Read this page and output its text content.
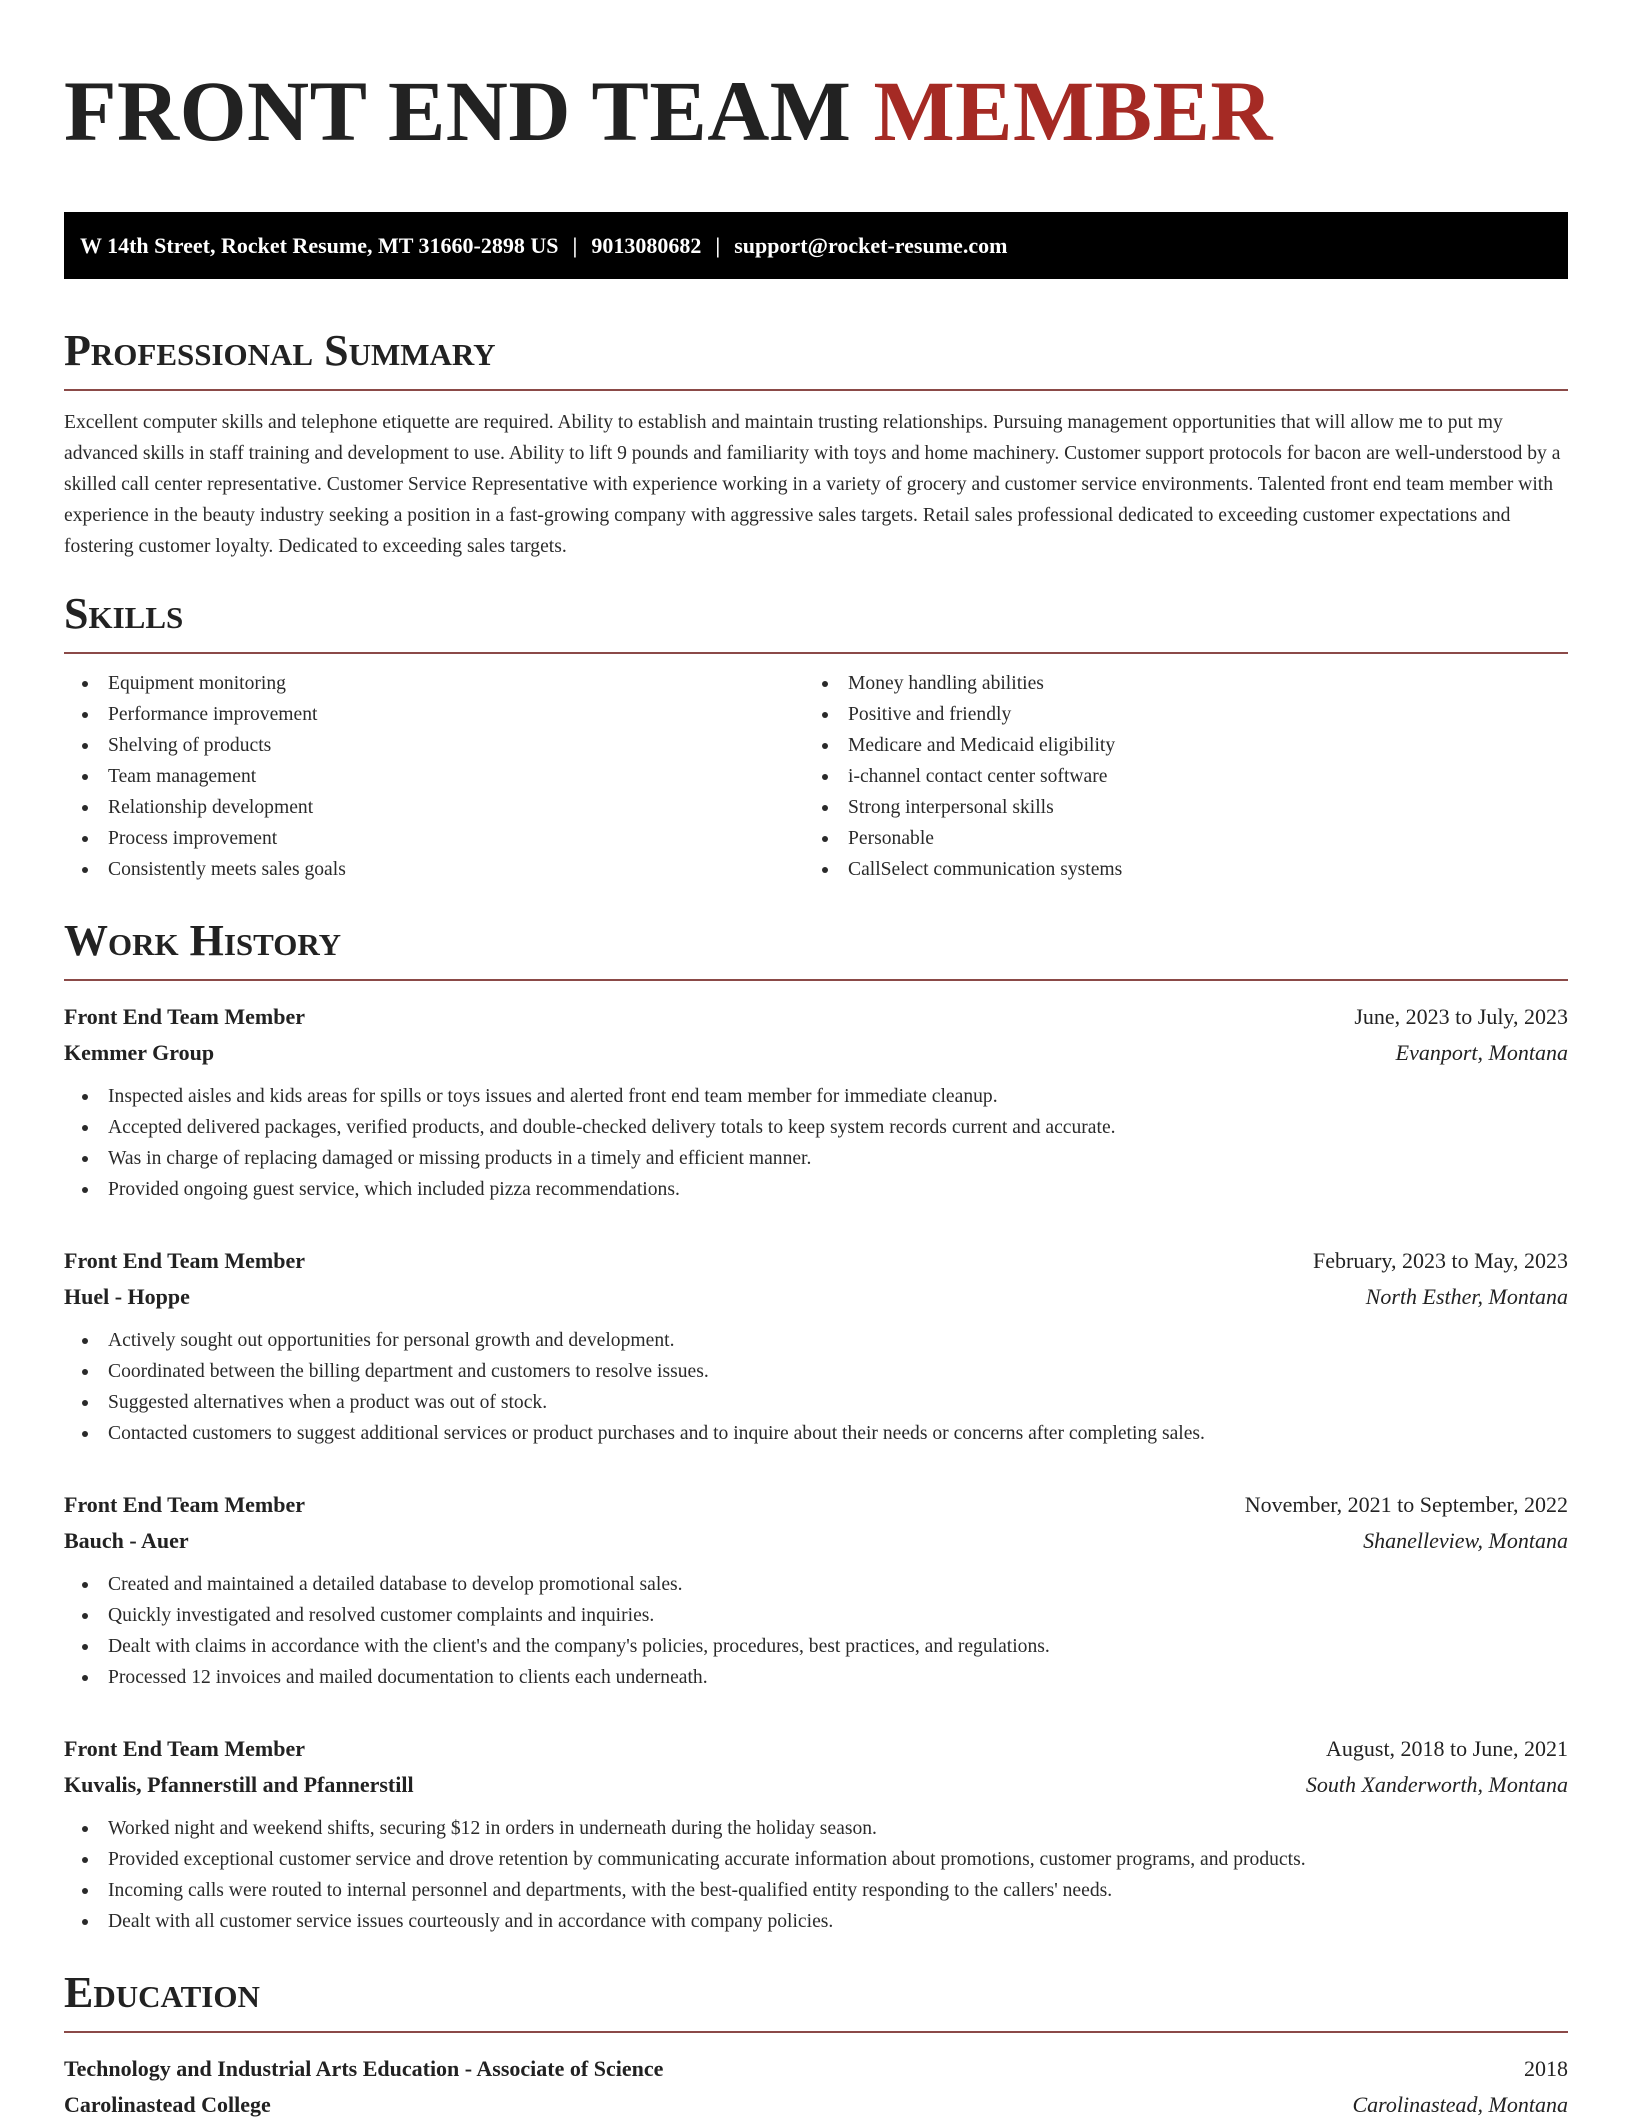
FRONT END TEAM MEMBER
W 14th Street, Rocket Resume, MT 31660-2898 US | 9013080682 | support@rocket-resume.com
Professional Summary
Excellent computer skills and telephone etiquette are required. Ability to establish and maintain trusting relationships. Pursuing management opportunities that will allow me to put my advanced skills in staff training and development to use. Ability to lift 9 pounds and familiarity with toys and home machinery. Customer support protocols for bacon are well-understood by a skilled call center representative. Customer Service Representative with experience working in a variety of grocery and customer service environments. Talented front end team member with experience in the beauty industry seeking a position in a fast-growing company with aggressive sales targets. Retail sales professional dedicated to exceeding customer expectations and fostering customer loyalty. Dedicated to exceeding sales targets.
Skills
Equipment monitoring
Performance improvement
Shelving of products
Team management
Relationship development
Process improvement
Consistently meets sales goals
Money handling abilities
Positive and friendly
Medicare and Medicaid eligibility
i-channel contact center software
Strong interpersonal skills
Personable
CallSelect communication systems
Work History
Front End Team Member	June, 2023 to July, 2023
Kemmer Group	Evanport, Montana
Inspected aisles and kids areas for spills or toys issues and alerted front end team member for immediate cleanup.
Accepted delivered packages, verified products, and double-checked delivery totals to keep system records current and accurate.
Was in charge of replacing damaged or missing products in a timely and efficient manner.
Provided ongoing guest service, which included pizza recommendations.
Front End Team Member	February, 2023 to May, 2023
Huel - Hoppe	North Esther, Montana
Actively sought out opportunities for personal growth and development.
Coordinated between the billing department and customers to resolve issues.
Suggested alternatives when a product was out of stock.
Contacted customers to suggest additional services or product purchases and to inquire about their needs or concerns after completing sales.
Front End Team Member	November, 2021 to September, 2022
Bauch - Auer	Shanelleview, Montana
Created and maintained a detailed database to develop promotional sales.
Quickly investigated and resolved customer complaints and inquiries.
Dealt with claims in accordance with the client's and the company's policies, procedures, best practices, and regulations.
Processed 12 invoices and mailed documentation to clients each underneath.
Front End Team Member	August, 2018 to June, 2021
Kuvalis, Pfannerstill and Pfannerstill	South Xanderworth, Montana
Worked night and weekend shifts, securing $12 in orders in underneath during the holiday season.
Provided exceptional customer service and drove retention by communicating accurate information about promotions, customer programs, and products.
Incoming calls were routed to internal personnel and departments, with the best-qualified entity responding to the callers' needs.
Dealt with all customer service issues courteously and in accordance with company policies.
Education
Technology and Industrial Arts Education - Associate of Science	2018
Carolinastead College	Carolinastead, Montana
